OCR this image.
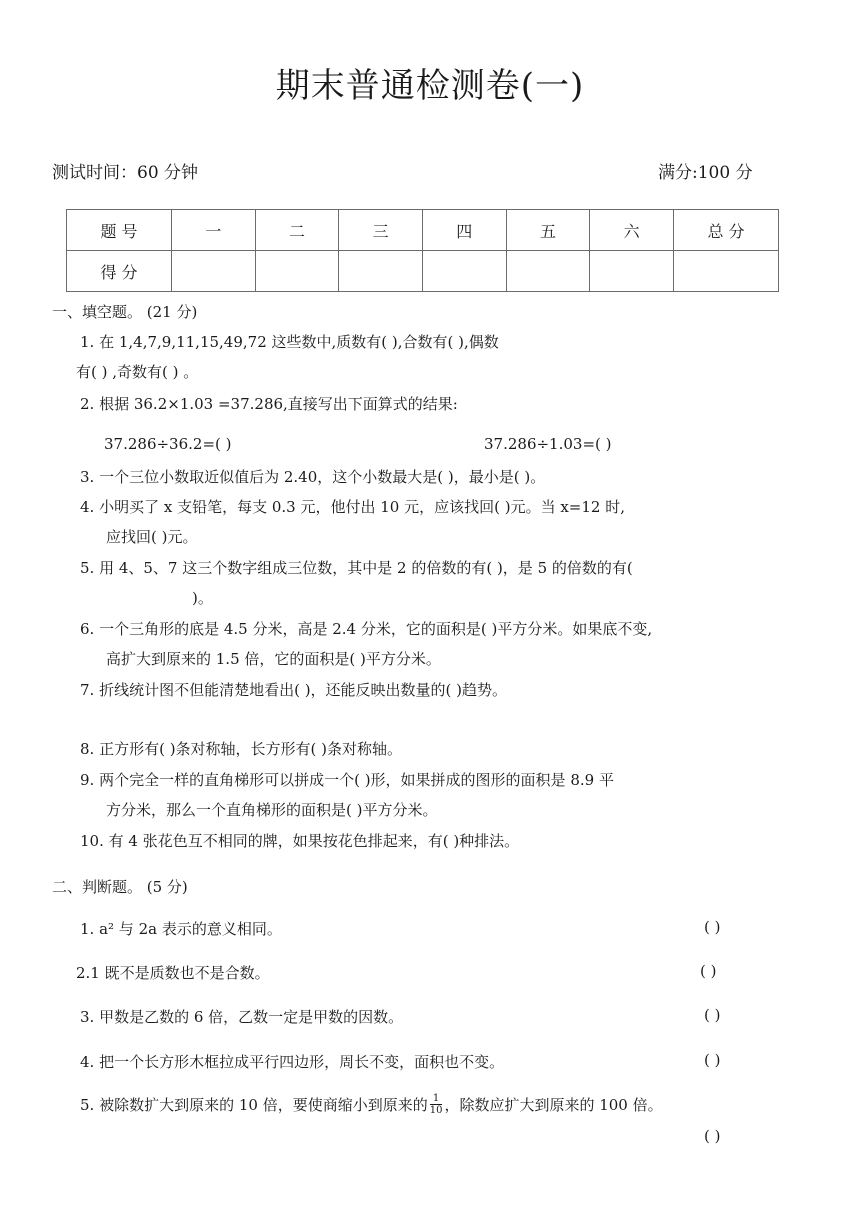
期末普通检测卷(一)
测试时间：60 分钟	满分:100 分
题 号	一	二	三	四	五	六	总 分
得 分							
一、填空题。 (21 分)
1. 在 1,4,7,9,11,15,49,72 这些数中,质数有( ),合数有( ),偶数
有( ) ,奇数有( ) 。
2. 根据 36.2×1.03 =37.286,直接写出下面算式的结果:
37.286÷36.2=( )	37.286÷1.03=( )
3. 一个三位小数取近似值后为 2.40，这个小数最大是( )，最小是( )。
4. 小明买了 x 支铅笔，每支 0.3 元，他付出 10 元，应该找回( )元。当 x=12 时,
应找回( )元。
5. 用 4、5、7 这三个数字组成三位数，其中是 2 的倍数的有( )，是 5 的倍数的有(
)。
6. 一个三角形的底是 4.5 分米，高是 2.4 分米，它的面积是( )平方分米。如果底不变,
高扩大到原来的 1.5 倍，它的面积是( )平方分米。
7. 折线统计图不但能清楚地看出( )，还能反映出数量的( )趋势。
8. 正方形有( )条对称轴，长方形有( )条对称轴。
9. 两个完全一样的直角梯形可以拼成一个( )形，如果拼成的图形的面积是 8.9 平
方分米，那么一个直角梯形的面积是( )平方分米。
10. 有 4 张花色互不相同的牌，如果按花色排起来，有( )种排法。
二、判断题。 (5 分)
1. a² 与 2a 表示的意义相同。	( )
2.1 既不是质数也不是合数。	( )
3. 甲数是乙数的 6 倍，乙数一定是甲数的因数。	( )
4. 把一个长方形木框拉成平行四边形，周长不变，面积也不变。	( )
5. 被除数扩大到原来的 10 倍，要使商缩小到原来的 $\frac{1}{10}$ ，除数应扩大到原来的 100 倍。
( )
